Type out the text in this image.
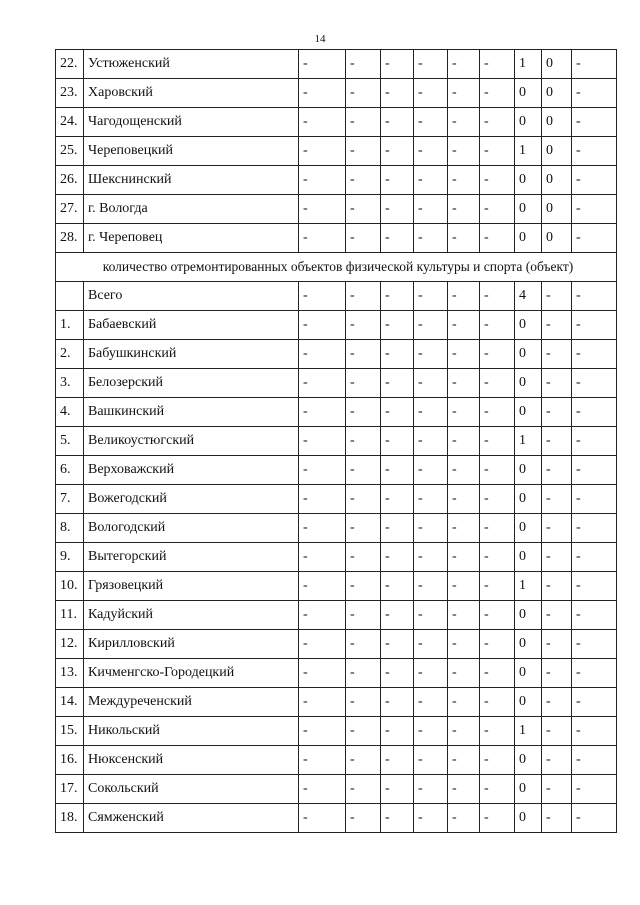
14
22.	Устюженский	-	-	-	-	-	-	1	0	-
23.	Харовский	-	-	-	-	-	-	0	0	-
24.	Чагодощенский	-	-	-	-	-	-	0	0	-
25.	Череповецкий	-	-	-	-	-	-	1	0	-
26.	Шекснинский	-	-	-	-	-	-	0	0	-
27.	г. Вологда	-	-	-	-	-	-	0	0	-
28.	г. Череповец	-	-	-	-	-	-	0	0	-
количество отремонтированных объектов физической культуры и спорта (объект)										
	Всего	-	-	-	-	-	-	4	-	-
1.	Бабаевский	-	-	-	-	-	-	0	-	-
2.	Бабушкинский	-	-	-	-	-	-	0	-	-
3.	Белозерский	-	-	-	-	-	-	0	-	-
4.	Вашкинский	-	-	-	-	-	-	0	-	-
5.	Великоустюгский	-	-	-	-	-	-	1	-	-
6.	Верховажский	-	-	-	-	-	-	0	-	-
7.	Вожегодский	-	-	-	-	-	-	0	-	-
8.	Вологодский	-	-	-	-	-	-	0	-	-
9.	Вытегорский	-	-	-	-	-	-	0	-	-
10.	Грязовецкий	-	-	-	-	-	-	1	-	-
11.	Кадуйский	-	-	-	-	-	-	0	-	-
12.	Кирилловский	-	-	-	-	-	-	0	-	-
13.	Кичменгско-Городецкий	-	-	-	-	-	-	0	-	-
14.	Междуреченский	-	-	-	-	-	-	0	-	-
15.	Никольский	-	-	-	-	-	-	1	-	-
16.	Нюксенский	-	-	-	-	-	-	0	-	-
17.	Сокольский	-	-	-	-	-	-	0	-	-
18.	Сямженский	-	-	-	-	-	-	0	-	-
